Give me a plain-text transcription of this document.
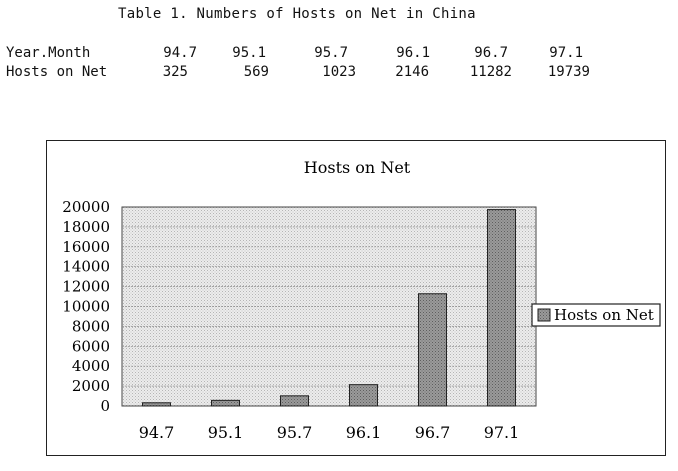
Table 1. Numbers of Hosts on Net in China
Year.Month	94.7	95.1	95.7	96.1	96.7	97.1
Hosts on Net	325	569	1023	2146	11282	19739
Hosts on Net
0
2000
4000
6000
8000
10000
12000
14000
16000
18000
20000
94.7 95.1 95.7 96.1 96.7 97.1
Hosts on Net
